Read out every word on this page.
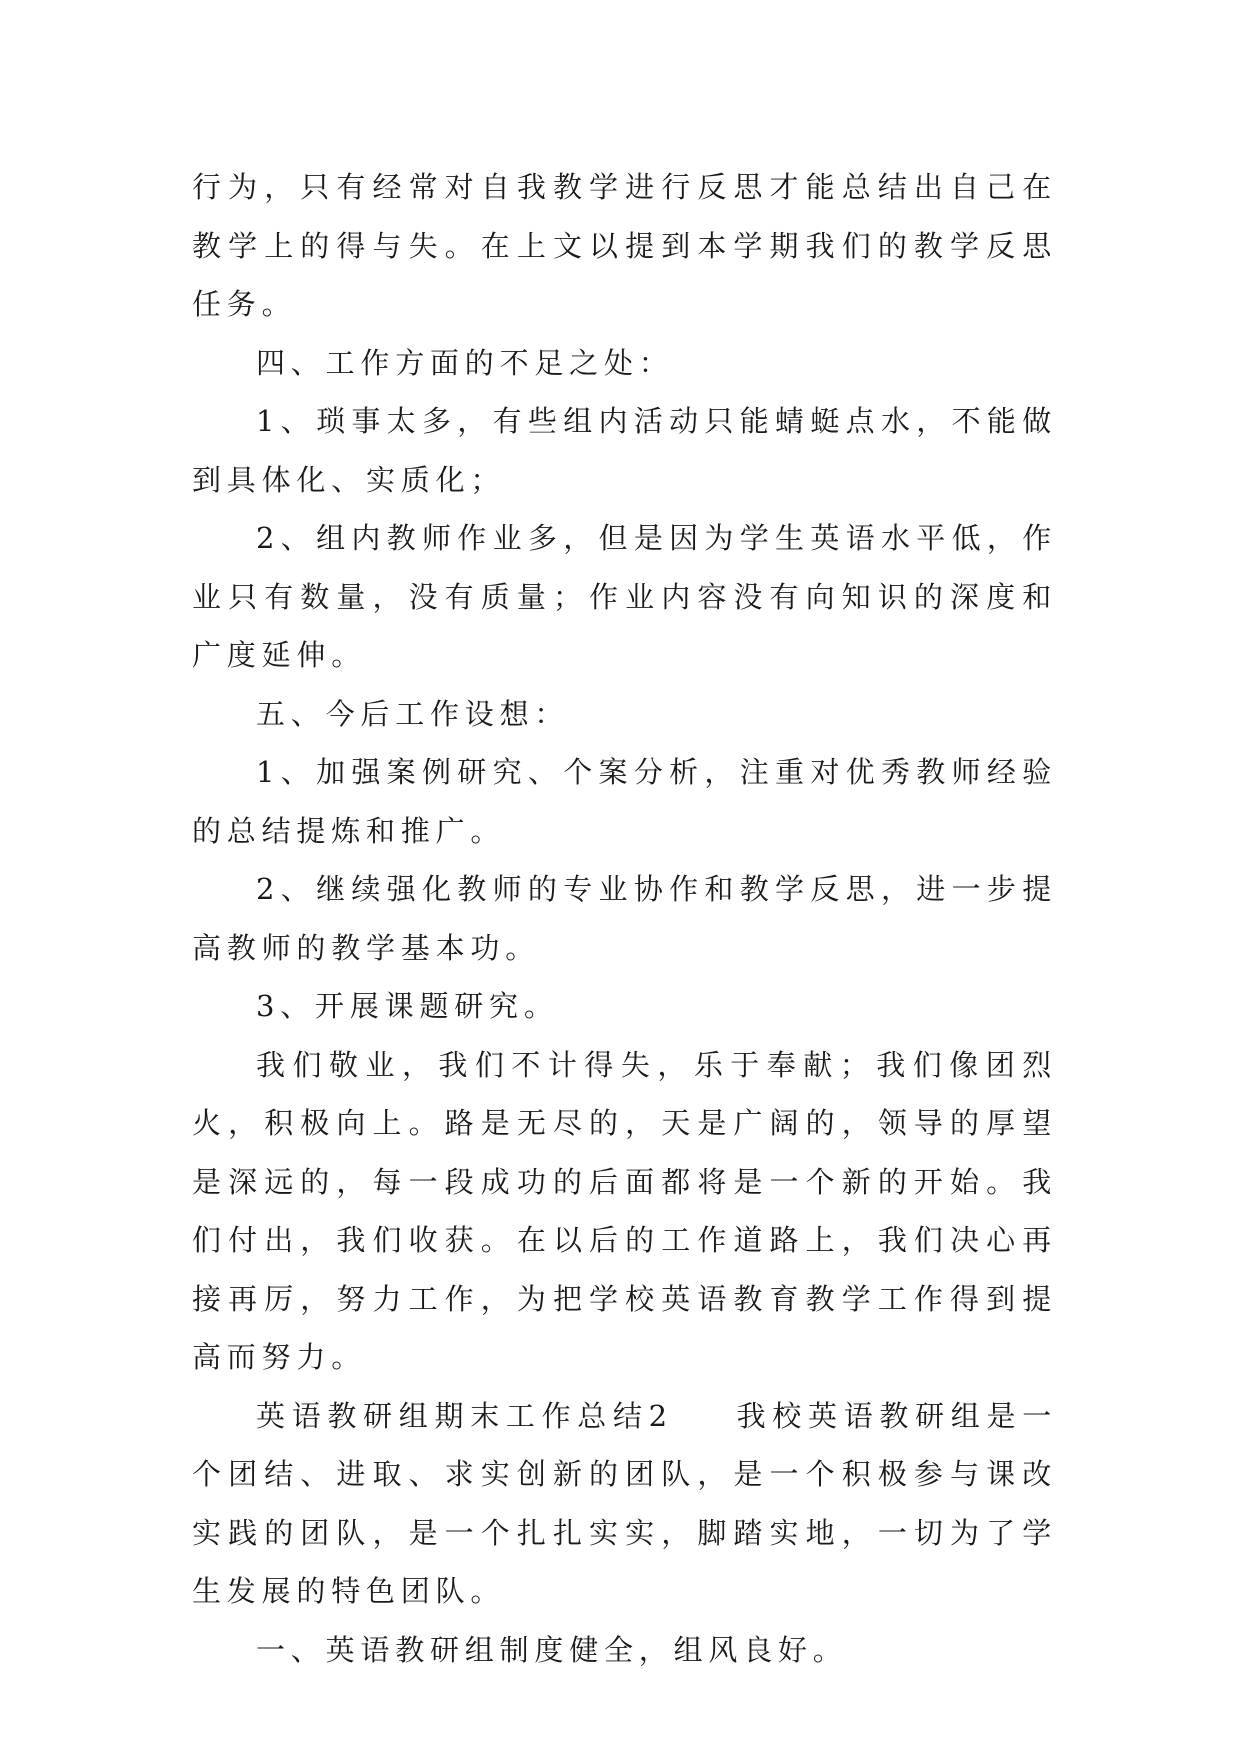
行为，只有经常对自我教学进行反思才能总结出自己在教学上的得与失。在上文以提到本学期我们的教学反思任务。

四、工作方面的不足之处：

1、琐事太多，有些组内活动只能蜻蜓点水，不能做到具体化、实质化；

2、组内教师作业多，但是因为学生英语水平低，作业只有数量，没有质量；作业内容没有向知识的深度和广度延伸。

五、今后工作设想：

1、加强案例研究、个案分析，注重对优秀教师经验的总结提炼和推广。

2、继续强化教师的专业协作和教学反思，进一步提高教师的教学基本功。

3、开展课题研究。

我们敬业，我们不计得失，乐于奉献；我们像团烈火，积极向上。路是无尽的，天是广阔的，领导的厚望是深远的，每一段成功的后面都将是一个新的开始。我们付出，我们收获。在以后的工作道路上，我们决心再接再厉，努力工作，为把学校英语教育教学工作得到提高而努力。

英语教研组期末工作总结2    我校英语教研组是一个团结、进取、求实创新的团队，是一个积极参与课改实践的团队，是一个扎扎实实，脚踏实地，一切为了学生发展的特色团队。

一、英语教研组制度健全，组风良好。
